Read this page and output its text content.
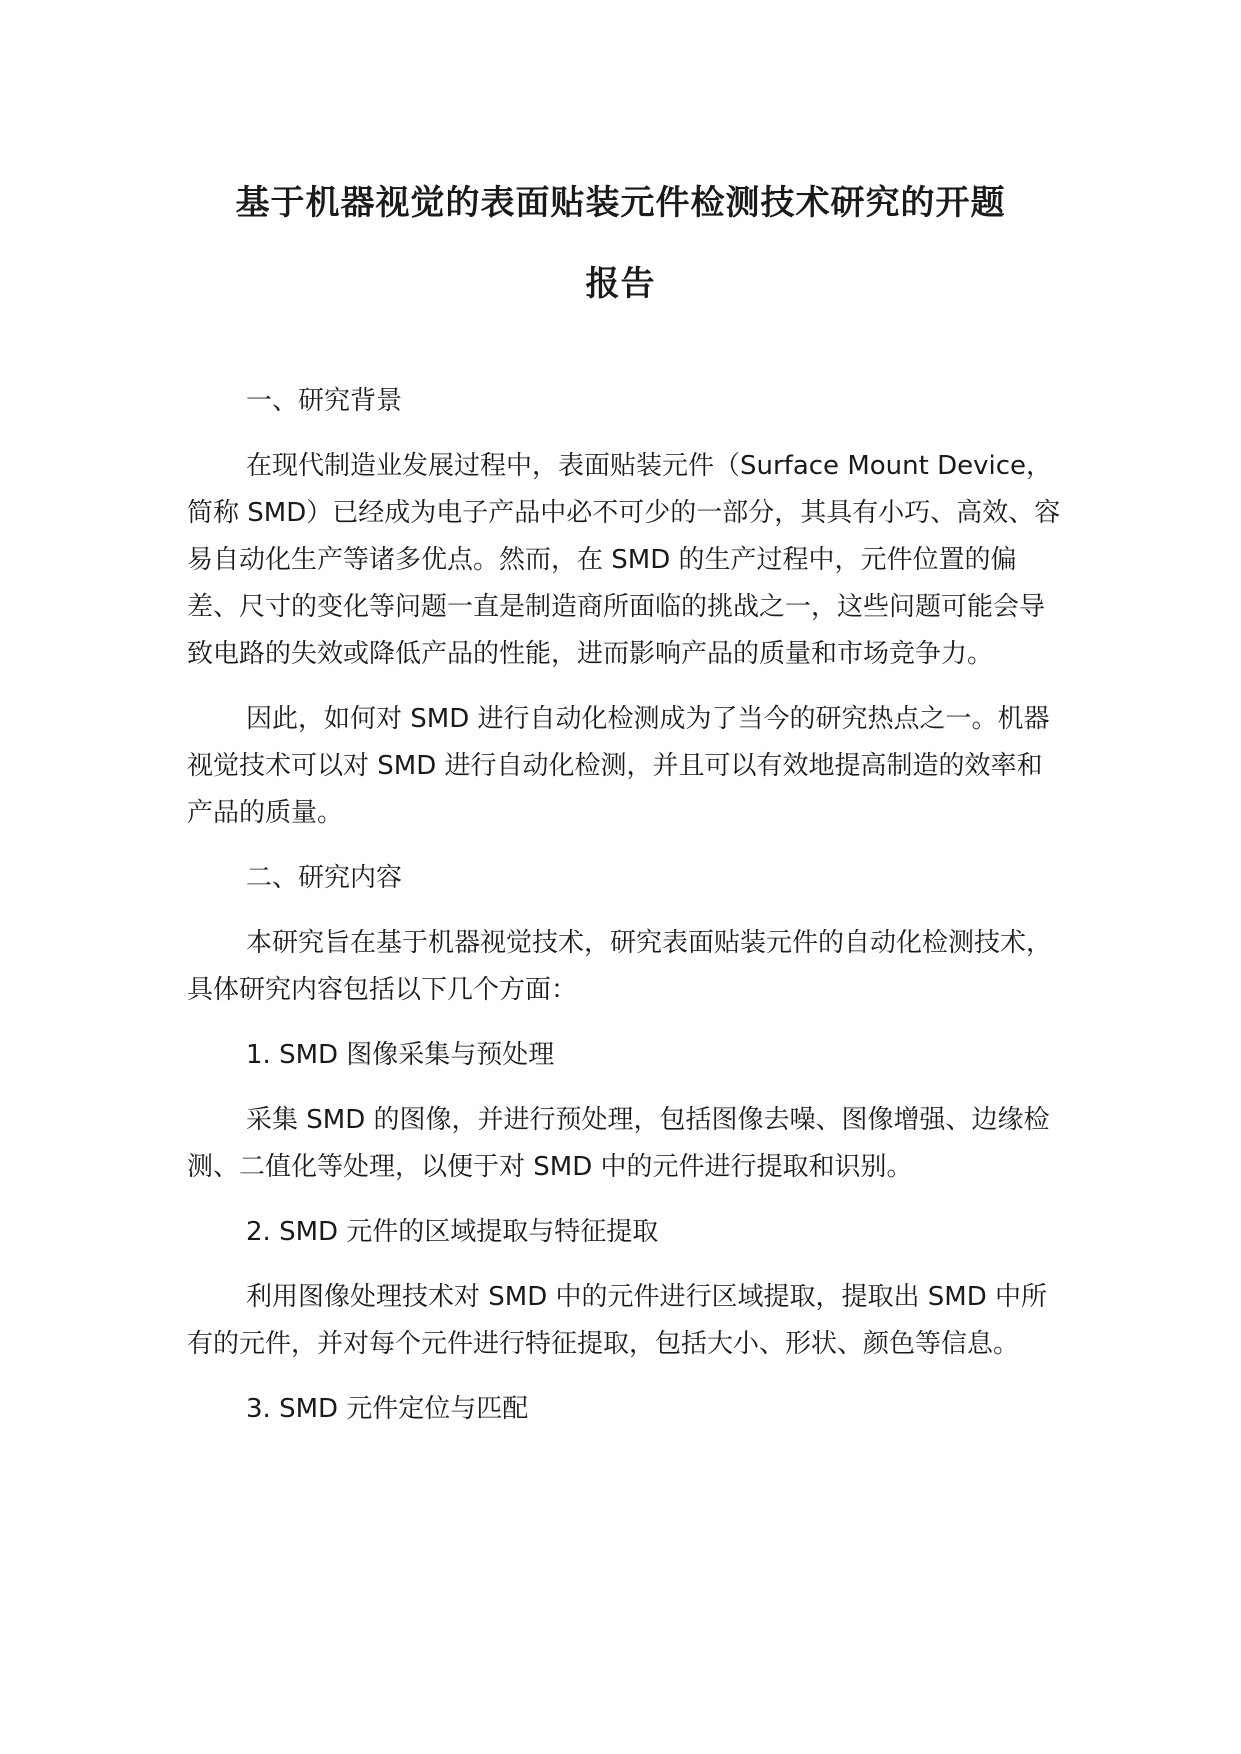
基于机器视觉的表面贴装元件检测技术研究的开题
报告

一、研究背景

在现代制造业发展过程中，表面贴装元件（Surface Mount Device，简称 SMD）已经成为电子产品中必不可少的一部分，其具有小巧、高效、容易自动化生产等诸多优点。然而，在 SMD 的生产过程中，元件位置的偏差、尺寸的变化等问题一直是制造商所面临的挑战之一，这些问题可能会导致电路的失效或降低产品的性能，进而影响产品的质量和市场竞争力。

因此，如何对 SMD 进行自动化检测成为了当今的研究热点之一。机器视觉技术可以对 SMD 进行自动化检测，并且可以有效地提高制造的效率和产品的质量。

二、研究内容

本研究旨在基于机器视觉技术，研究表面贴装元件的自动化检测技术，具体研究内容包括以下几个方面：

1. SMD 图像采集与预处理

采集 SMD 的图像，并进行预处理，包括图像去噪、图像增强、边缘检测、二值化等处理，以便于对 SMD 中的元件进行提取和识别。

2. SMD 元件的区域提取与特征提取

利用图像处理技术对 SMD 中的元件进行区域提取，提取出 SMD 中所有的元件，并对每个元件进行特征提取，包括大小、形状、颜色等信息。

3. SMD 元件定位与匹配
